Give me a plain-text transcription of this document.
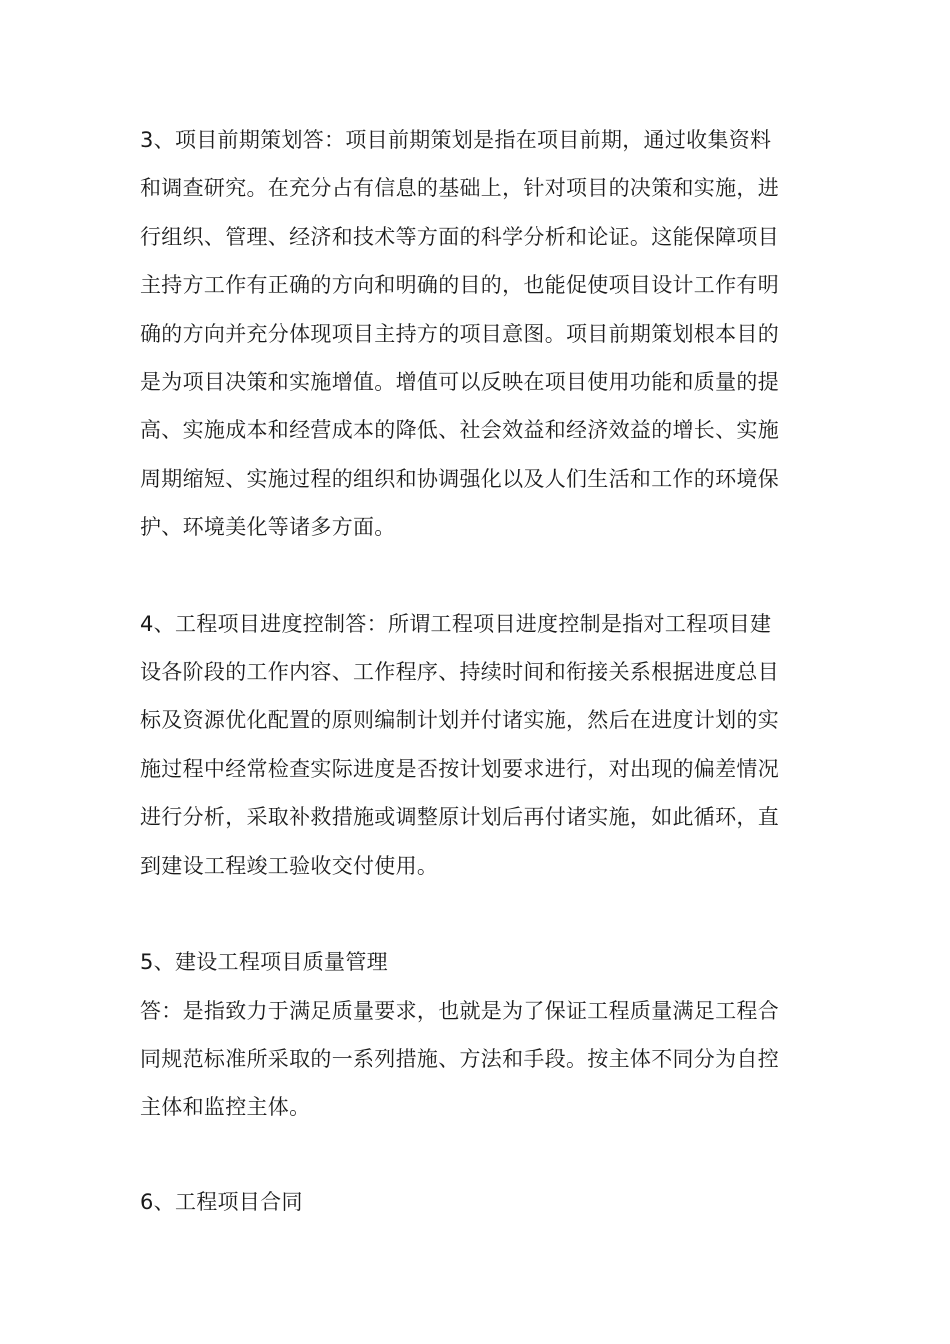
3、项目前期策划答：项目前期策划是指在项目前期，通过收集资料
和调查研究。在充分占有信息的基础上，针对项目的决策和实施，进
行组织、管理、经济和技术等方面的科学分析和论证。这能保障项目
主持方工作有正确的方向和明确的目的，也能促使项目设计工作有明
确的方向并充分体现项目主持方的项目意图。项目前期策划根本目的
是为项目决策和实施增值。增值可以反映在项目使用功能和质量的提
高、实施成本和经营成本的降低、社会效益和经济效益的增长、实施
周期缩短、实施过程的组织和协调强化以及人们生活和工作的环境保
护、环境美化等诸多方面。

4、工程项目进度控制答：所谓工程项目进度控制是指对工程项目建
设各阶段的工作内容、工作程序、持续时间和衔接关系根据进度总目
标及资源优化配置的原则编制计划并付诸实施，然后在进度计划的实
施过程中经常检查实际进度是否按计划要求进行，对出现的偏差情况
进行分析，采取补救措施或调整原计划后再付诸实施，如此循环，直
到建设工程竣工验收交付使用。

5、建设工程项目质量管理
答：是指致力于满足质量要求，也就是为了保证工程质量满足工程合
同规范标准所采取的一系列措施、方法和手段。按主体不同分为自控
主体和监控主体。

6、工程项目合同
